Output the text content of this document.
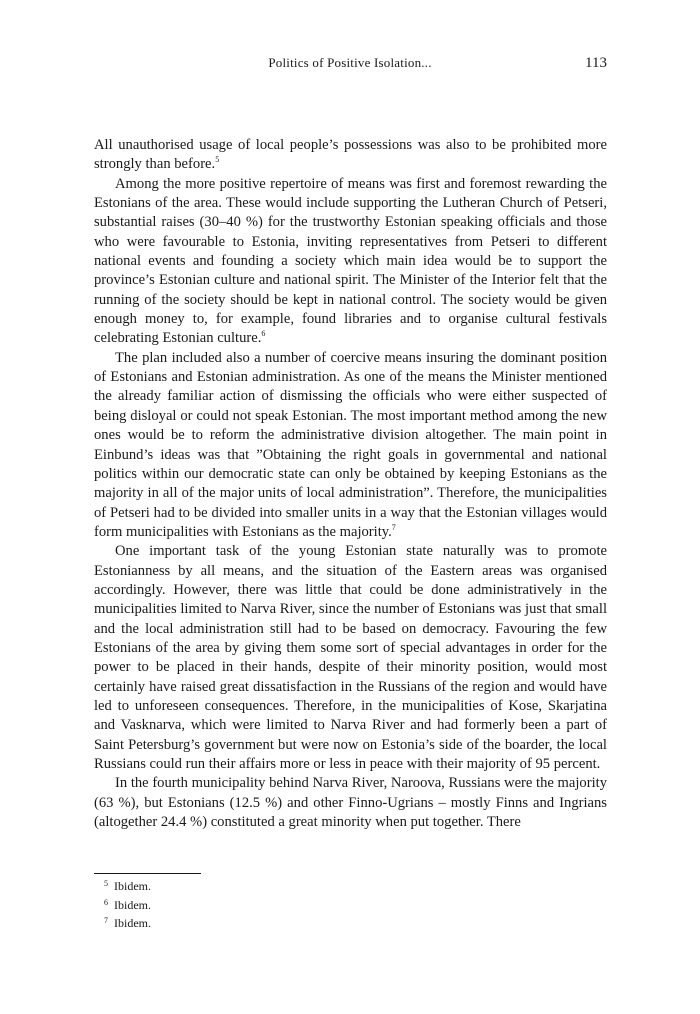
Politics of Positive Isolation...	113

All unauthorised usage of local people’s possessions was also to be prohibited more strongly than before.$^5$

Among the more positive repertoire of means was first and foremost rewarding the Estonians of the area. These would include supporting the Lutheran Church of Petseri, substantial raises (30–40 %) for the trustworthy Estonian speaking officials and those who were favourable to Estonia, inviting representatives from Petseri to different national events and founding a society which main idea would be to support the province’s Estonian culture and national spirit. The Minister of the Interior felt that the running of the society should be kept in national control. The society would be given enough money to, for example, found libraries and to organise cultural festivals celebrating Estonian culture.$^6$

The plan included also a number of coercive means insuring the dominant position of Estonians and Estonian administration. As one of the means the Minister mentioned the already familiar action of dismissing the officials who were either suspected of being disloyal or could not speak Estonian. The most important method among the new ones would be to reform the administrative division altogether. The main point in Einbund’s ideas was that ”Obtaining the right goals in governmental and national politics within our democratic state can only be obtained by keeping Estonians as the majority in all of the major units of local administration”. Therefore, the municipalities of Petseri had to be divided into smaller units in a way that the Estonian villages would form municipalities with Estonians as the majority.$^7$

One important task of the young Estonian state naturally was to promote Estonianness by all means, and the situation of the Eastern areas was organised accordingly. However, there was little that could be done administratively in the municipalities limited to Narva River, since the number of Estonians was just that small and the local administration still had to be based on democracy. Favouring the few Estonians of the area by giving them some sort of special advantages in order for the power to be placed in their hands, despite of their minority position, would most certainly have raised great dissatisfaction in the Russians of the region and would have led to unforeseen consequences. Therefore, in the municipalities of Kose, Skarjatina and Vasknarva, which were limited to Narva River and had formerly been a part of Saint Petersburg’s government but were now on Estonia’s side of the boarder, the local Russians could run their affairs more or less in peace with their majority of 95 percent.

In the fourth municipality behind Narva River, Naroova, Russians were the majority (63 %), but Estonians (12.5 %) and other Finno-Ugrians – mostly Finns and Ingrians (altogether 24.4 %) constituted a great minority when put together. There

$^5$ Ibidem.
$^6$ Ibidem.
$^7$ Ibidem.
